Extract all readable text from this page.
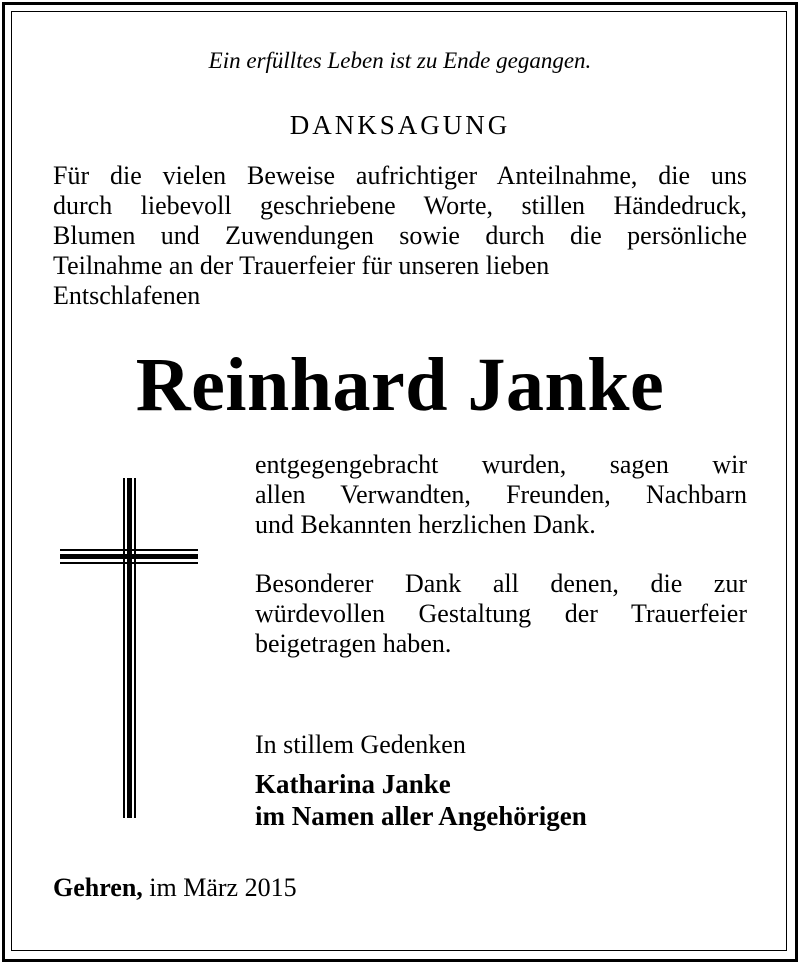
Ein erfülltes Leben ist zu Ende gegangen.
DANKSAGUNG
Für die vielen Beweise aufrichtiger Anteilnahme, die uns
durch liebevoll geschriebene Worte, stillen Händedruck,
Blumen und Zuwendungen sowie durch die persönliche
Teilnahme an der Trauerfeier für unseren lieben
Entschlafenen
Reinhard Janke
entgegengebracht wurden, sagen wir
allen Verwandten, Freunden, Nachbarn
und Bekannten herzlichen Dank.
Besonderer Dank all denen, die zur
würdevollen Gestaltung der Trauerfeier
beigetragen haben.
In stillem Gedenken
Katharina Janke
im Namen aller Angehörigen
Gehren, im März 2015
